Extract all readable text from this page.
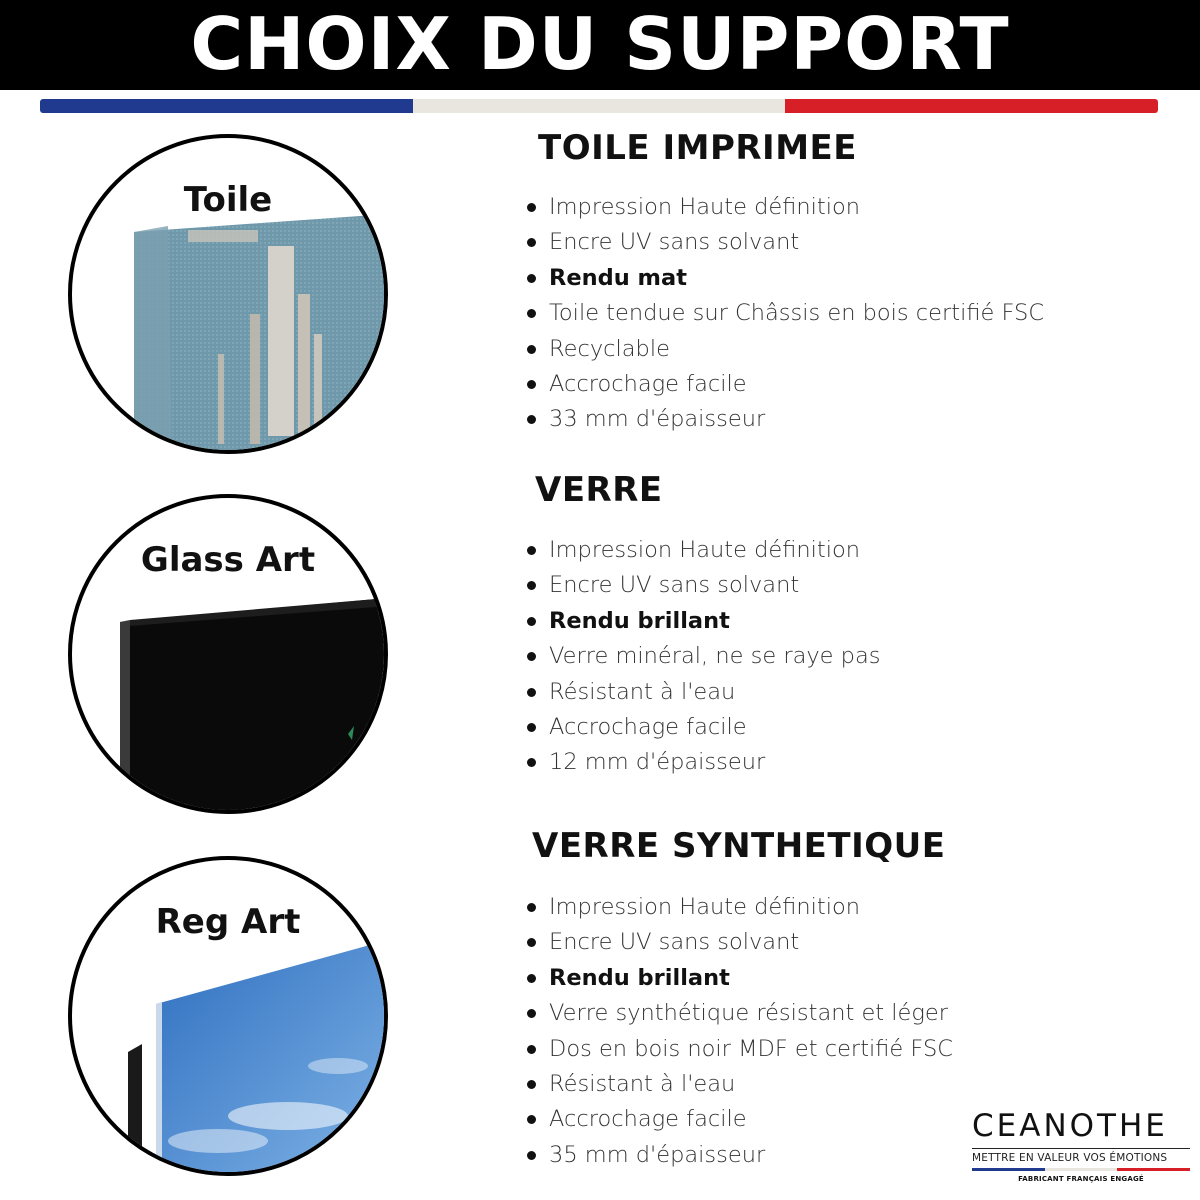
CHOIX DU SUPPORT
Toile
Glass Art
Reg Art
TOILE IMPRIMEE
Impression Haute définition
Encre UV sans solvant
Rendu mat
Toile tendue sur Châssis en bois certifié FSC
Recyclable
Accrochage facile
33 mm d'épaisseur
VERRE
Impression Haute définition
Encre UV sans solvant
Rendu brillant
Verre minéral, ne se raye pas
Résistant à l'eau
Accrochage facile
12 mm d'épaisseur
VERRE SYNTHETIQUE
Impression Haute définition
Encre UV sans solvant
Rendu brillant
Verre synthétique résistant et léger
Dos en bois noir MDF et certifié FSC
Résistant à l'eau
Accrochage facile
35 mm d'épaisseur
CEANOTHE
METTRE EN VALEUR VOS ÉMOTIONS
FABRICANT FRANÇAIS ENGAGÉ
